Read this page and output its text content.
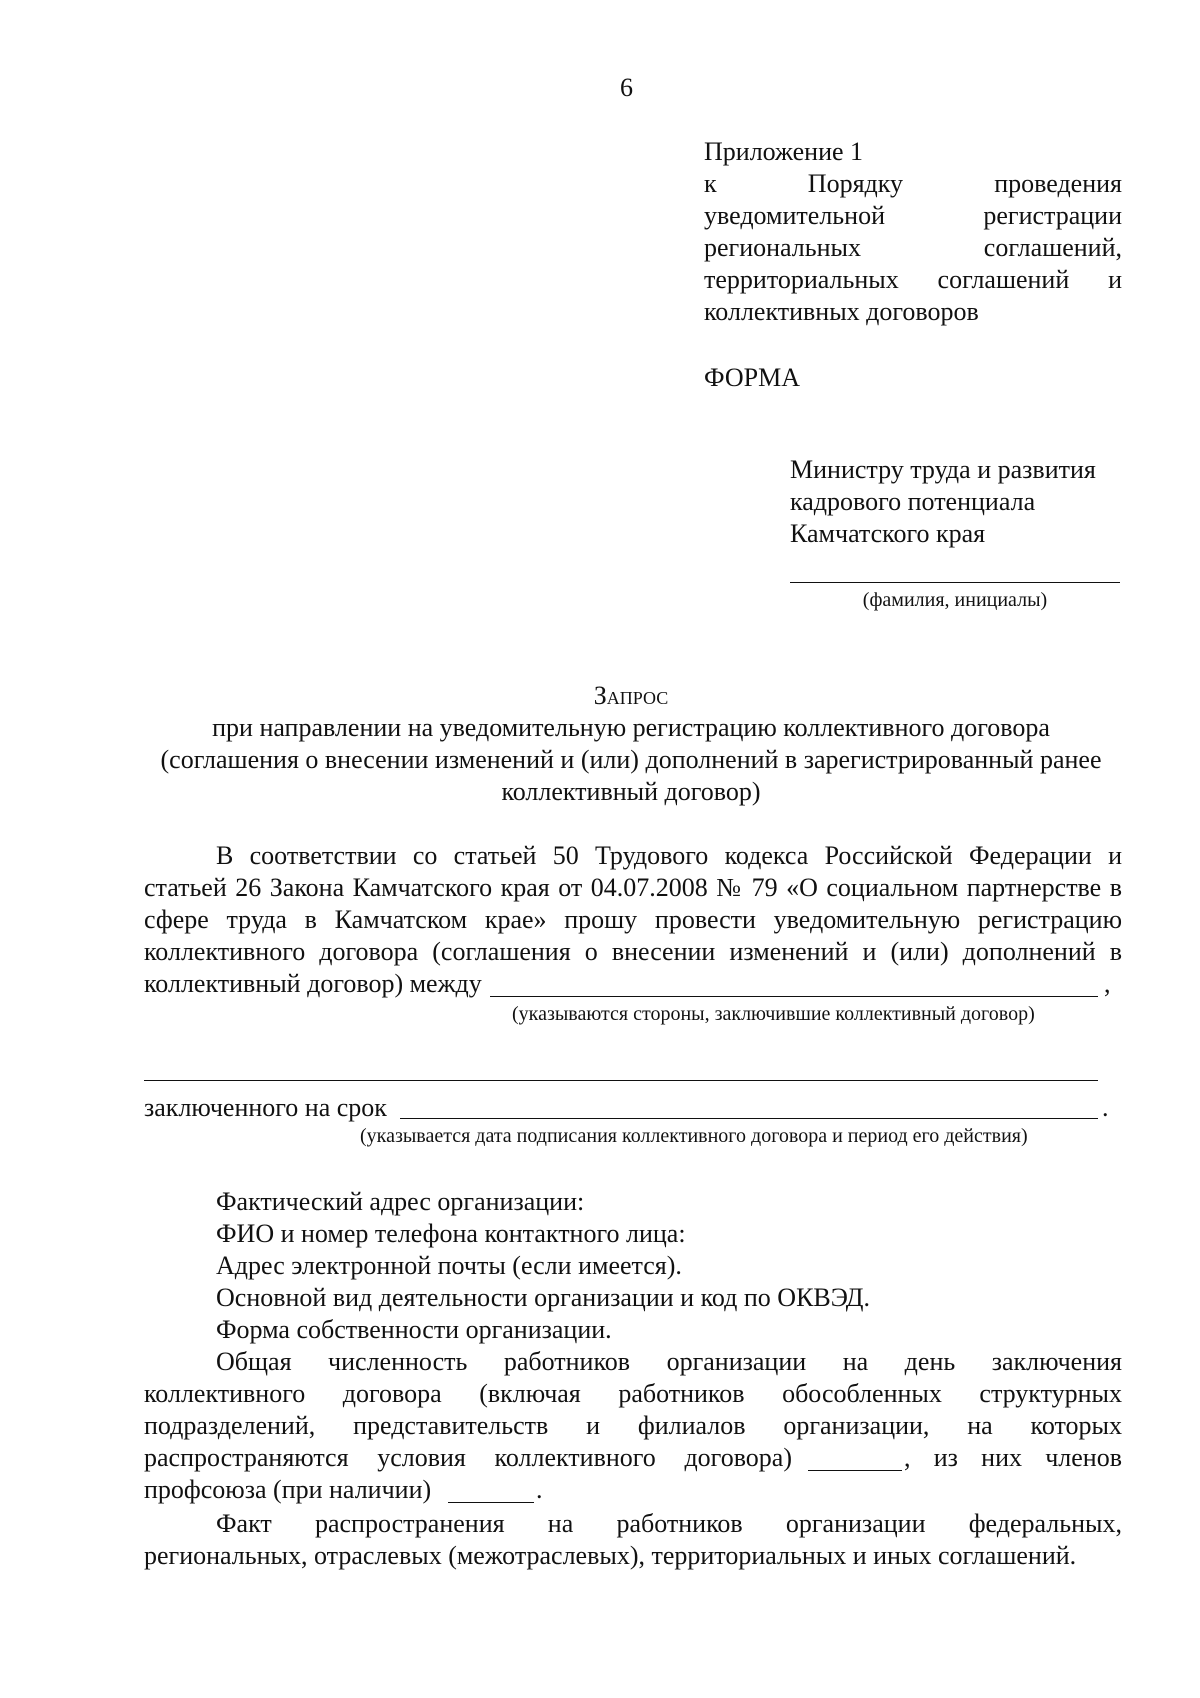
6
Приложение 1
к Порядку проведения
уведомительной регистрации
региональных соглашений,
территориальных соглашений и
коллективных договоров
ФОРМА
Министру труда и развития
кадрового потенциала
Камчатского края
(фамилия, инициалы)
Запрос
при направлении на уведомительную регистрацию коллективного договора
(соглашения о внесении изменений и (или) дополнений в зарегистрированный ранее
коллективный договор)
В соответствии со статьей 50 Трудового кодекса Российской Федерации и
статьей 26 Закона Камчатского края от 04.07.2008 № 79 «О социальном партнерстве в
сфере труда в Камчатском крае» прошу провести уведомительную регистрацию
коллективного договора (соглашения о внесении изменений и (или) дополнений в
коллективный договор) между	,
(указываются стороны, заключившие коллективный договор)
заключенного на срок	.
(указывается дата подписания коллективного договора и период его действия)
Фактический адрес организации:
ФИО и номер телефона контактного лица:
Адрес электронной почты (если имеется).
Основной вид деятельности организации и код по ОКВЭД.
Форма собственности организации.
Общая численность работников организации на день заключения
коллективного договора (включая работников обособленных структурных
подразделений, представительств и филиалов организации, на которых
распространяются условия коллективного договора)	, из них членов
профсоюза (при наличии)	.
Факт распространения на работников организации федеральных,
региональных, отраслевых (межотраслевых), территориальных и иных соглашений.
